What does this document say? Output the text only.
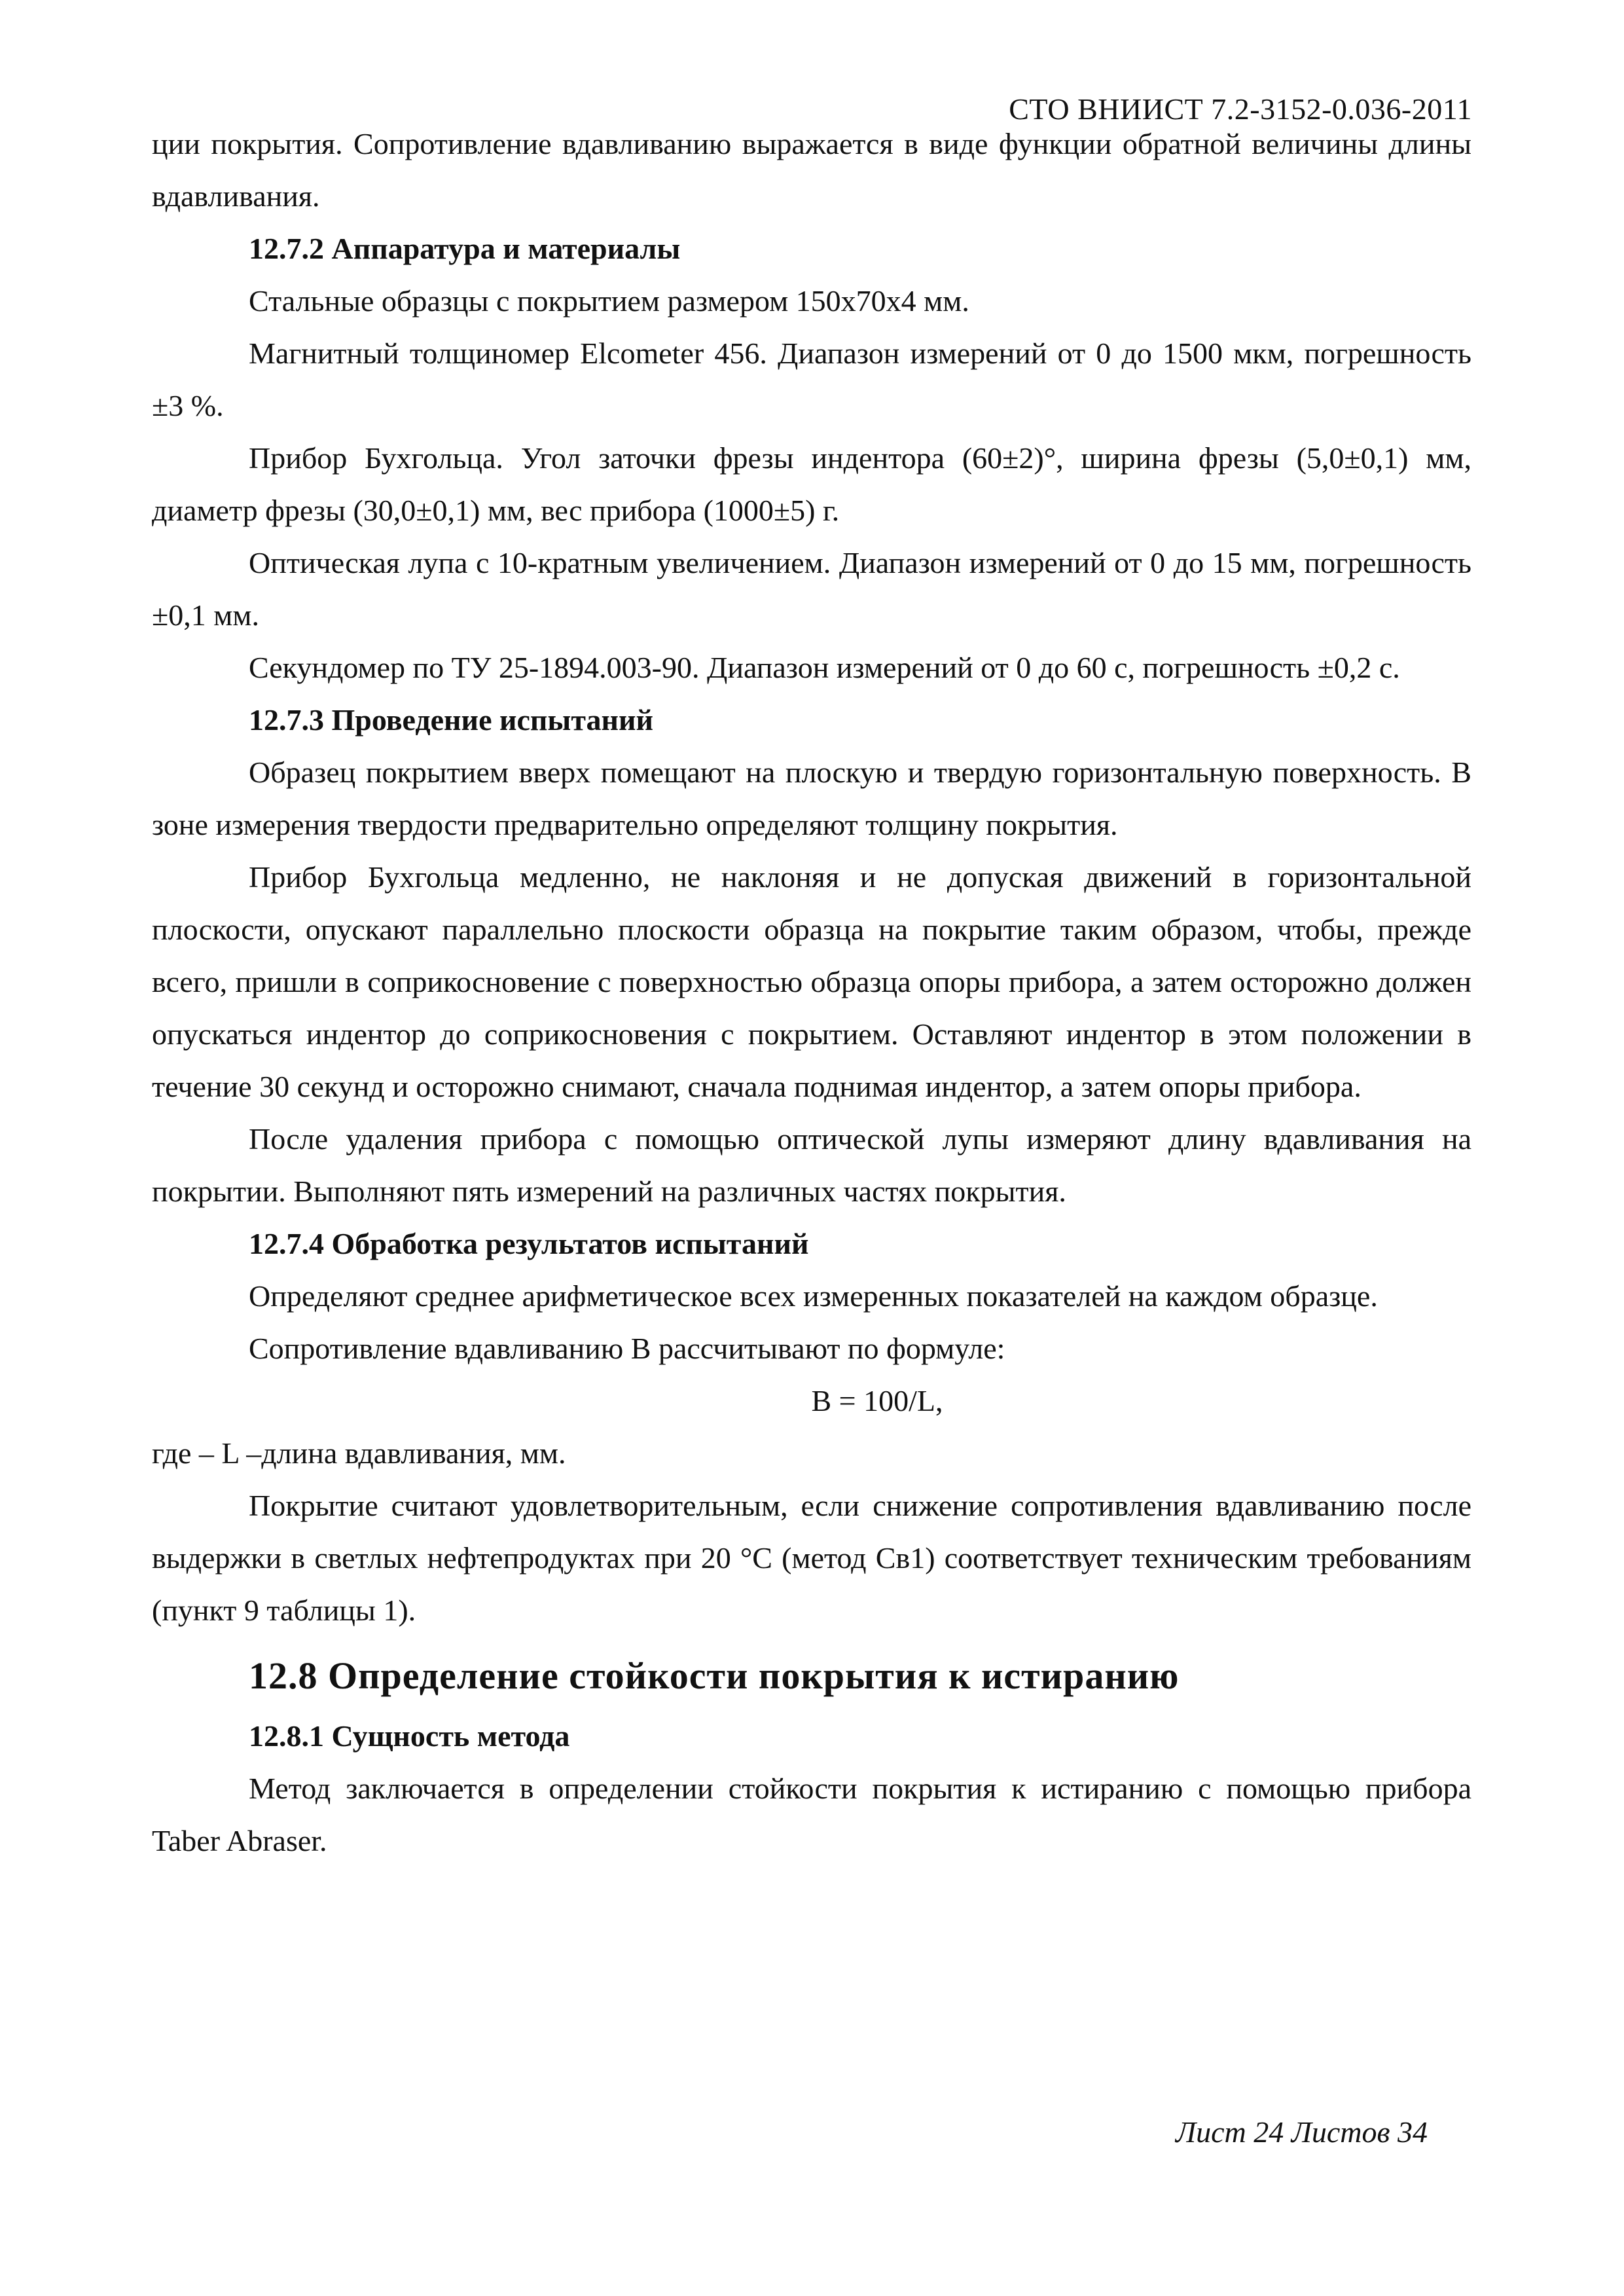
СТО ВНИИСТ 7.2-3152-0.036-2011

ции покрытия. Сопротивление вдавливанию выражается в виде функции обратной величины длины вдавливания.

12.7.2 Аппаратура и материалы

Стальные образцы с покрытием размером 150х70х4 мм.

Магнитный толщиномер Elcometer 456. Диапазон измерений от 0 до 1500 мкм, погрешность ±3 %.

Прибор Бухгольца. Угол заточки фрезы индентора (60±2)°, ширина фрезы (5,0±0,1) мм, диаметр фрезы (30,0±0,1) мм, вес прибора (1000±5) г.

Оптическая лупа с 10-кратным увеличением. Диапазон измерений от 0 до 15 мм, погрешность ±0,1 мм.

Секундомер по ТУ 25-1894.003-90. Диапазон измерений от 0 до 60 с, погрешность ±0,2 с.

12.7.3 Проведение испытаний

Образец покрытием вверх помещают на плоскую и твердую горизонтальную поверхность. В зоне измерения твердости предварительно определяют толщину покрытия.

Прибор Бухгольца медленно, не наклоняя и не допуская движений в горизонтальной плоскости, опускают параллельно плоскости образца на покрытие таким образом, чтобы, прежде всего, пришли в соприкосновение с поверхностью образца опоры прибора, а затем осторожно должен опускаться индентор до соприкосновения с покрытием. Оставляют индентор в этом положении в течение 30 секунд и осторожно снимают, сначала поднимая индентор, а затем опоры прибора.

После удаления прибора с помощью оптической лупы измеряют длину вдавливания на покрытии. Выполняют пять измерений на различных частях покрытия.

12.7.4 Обработка результатов испытаний

Определяют среднее арифметическое всех измеренных показателей на каждом образце.

Сопротивление вдавливанию В рассчитывают по формуле:

В = 100/L,

где – L –длина вдавливания, мм.

Покрытие считают удовлетворительным, если снижение сопротивления вдавливанию после выдержки в светлых нефтепродуктах при 20 °С (метод Св1) соответствует техническим требованиям (пункт 9 таблицы 1).

12.8 Определение стойкости покрытия к истиранию
12.8.1 Сущность метода

Метод заключается в определении стойкости покрытия к истиранию с помощью прибора Taber Abraser.

Лист 24 Листов 34
